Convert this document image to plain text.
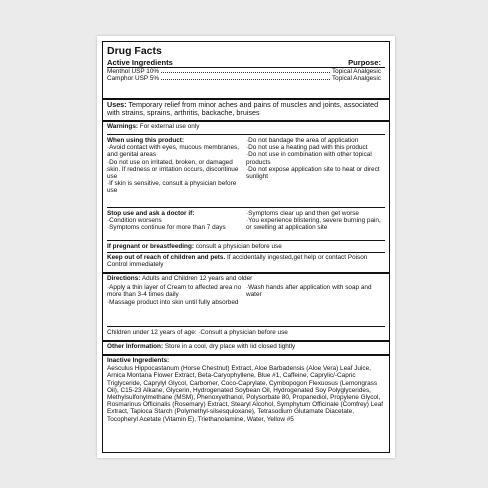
Drug Facts
Active Ingredients	Purpose:
Menthol USP 10%	Topical Analgesic
Camphor USP 5%	Topical Analgesic
Uses: Temporary relief from minor aches and pains of muscles and joints, associated with strains, sprains, arthritis, backache, bruises
Warnings: For external use only
When using this product:
·Avoid contact with eyes, mucous membranes, and genital areas
·Do not use on irritated, broken, or damaged skin. If redness or irritation occurs, discontinue use
·If skin is sensitive, consult a physician before use
·Do not bandage the area of application
·Do not use a heating pad with this product
·Do not use in combination with other topical products
·Do not expose application site to heat or direct sunlight
Stop use and ask a doctor if:
·Condition worsens
·Symptoms continue for more than 7 days
·Symptoms clear up and then get worse
·You experience blistering, severe burning pain, or swelling at application site
If pregnant or breastfeeding: consult a physician before use
Keep out of reach of children and pets. If accidentally ingested,get help or contact Poison Control immediately
Directions: Adults and Children 12 years and older
·Apply a thin layer of Cream to affected area no more than 3-4 times daily
·Massage product into skin until fully absorbed
·Wash hands after application with soap and water
Children under 12 years of age: ·Consult a physician before use
Other Information: Store in a cool, dry place with lid closed tightly
Inactive Ingredients:
Aesculus Hippocastanum (Horse Chestnut) Extract, Aloe Barbadensis (Aloe Vera) Leaf Juice, Arnica Montana Flower Extract, Beta-Caryophyllene, Blue #1, Caffeine, Caprylic/-Capric Triglyceride, Caprylyl Glycol, Carbomer, Coco-Caprylate, Cymbopogon Flexuosus (Lemongrass Oil), C15-23 Alkane, Glycerin, Hydrogenated Soybean Oil, Hydrogenated Soy Polyglycerides, Methylsulfonylmethane (MSM), Phenoxyethanol, Polysorbate 80, Propanediol, Propylene Glycol, Rosmarinus Officinalis (Rosemary) Extract, Stearyl Alcohol, Symphytum Officinale (Comfrey) Leaf Extract, Tapioca Starch (Polymethyl-silsesquioxane), Tetrasodium Glutamate Diacetate, Tocopheryl Acetate (Vitamin E), Triethanolamine, Water, Yellow #5
